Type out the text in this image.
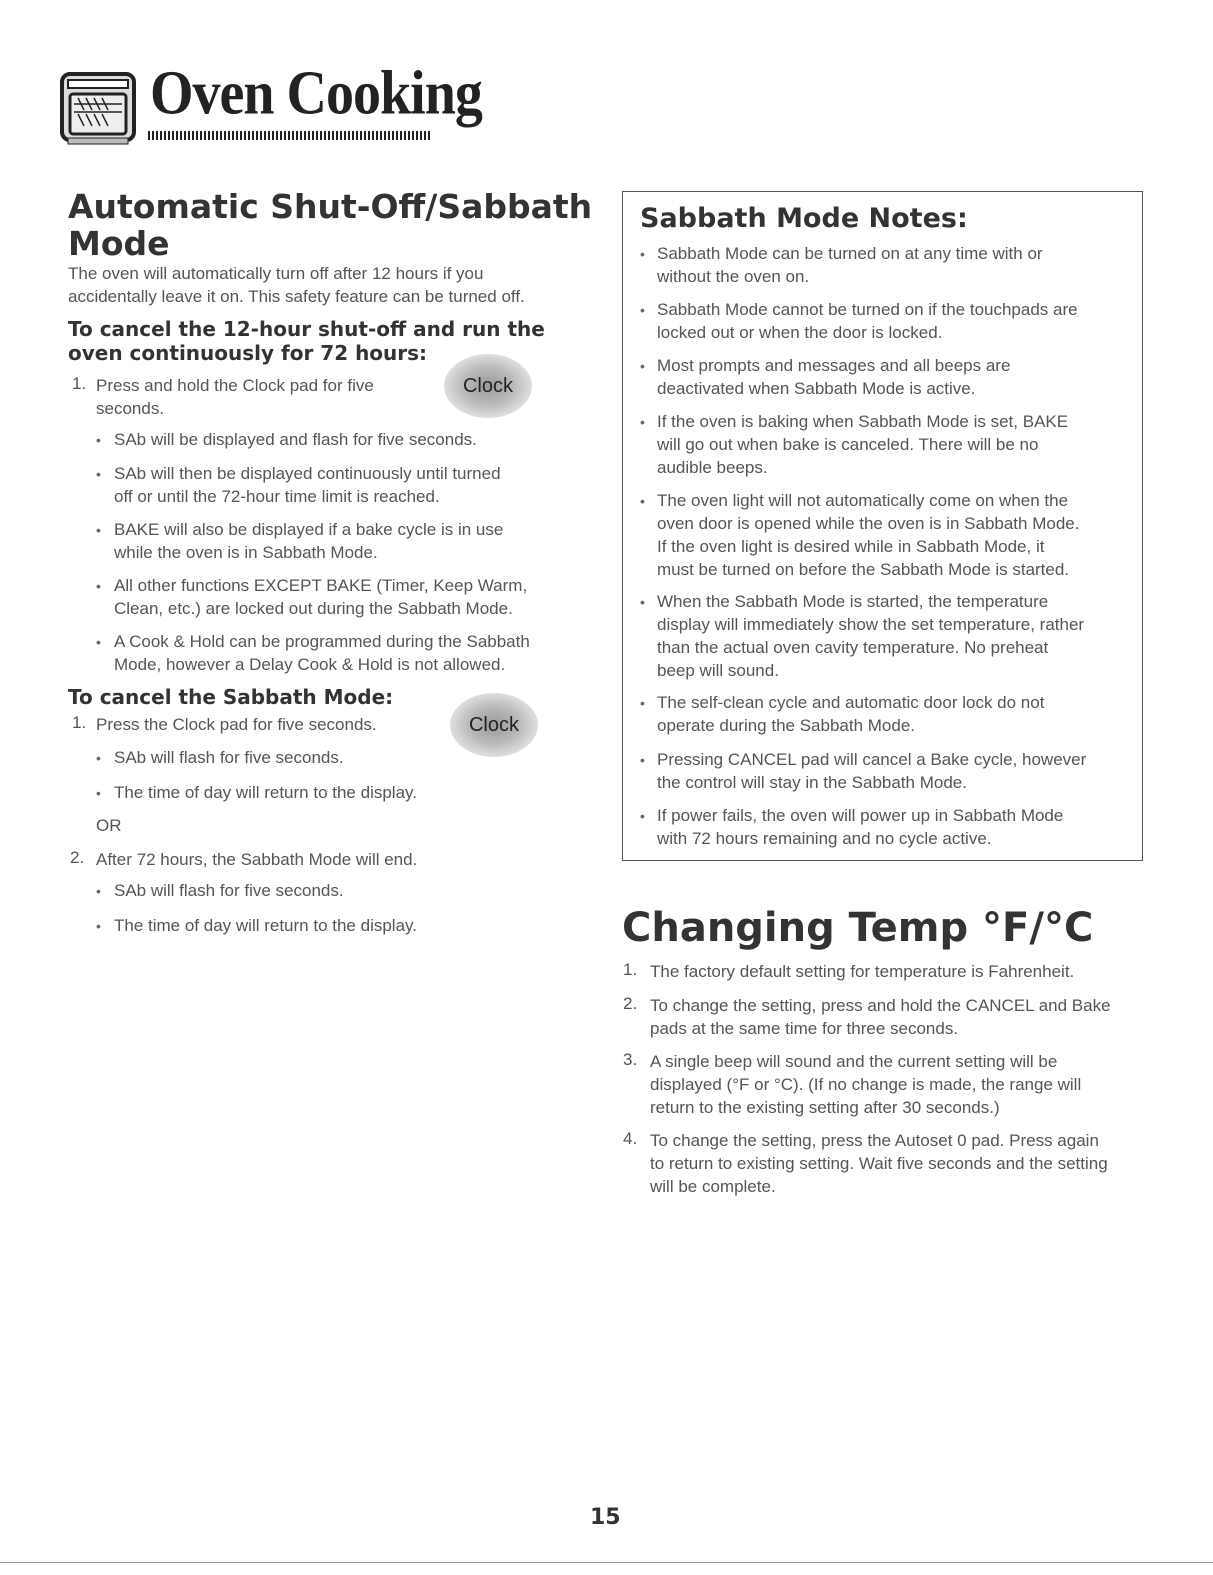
Oven Cooking
Automatic Shut-Off/Sabbath
Mode
The oven will automatically turn off after 12 hours if you
accidentally leave it on. This safety feature can be turned off.
To cancel the 12-hour shut-off and run the
oven continuously for 72 hours:
1. Press and hold the Clock pad for five
seconds.
Clock
• SAb will be displayed and flash for five seconds.
• SAb will then be displayed continuously until turned
off or until the 72-hour time limit is reached.
• BAKE will also be displayed if a bake cycle is in use
while the oven is in Sabbath Mode.
• All other functions EXCEPT BAKE (Timer, Keep Warm,
Clean, etc.) are locked out during the Sabbath Mode.
• A Cook & Hold can be programmed during the Sabbath
Mode, however a Delay Cook & Hold is not allowed.
To cancel the Sabbath Mode:
1. Press the Clock pad for five seconds.	Clock
• SAb will flash for five seconds.
• The time of day will return to the display.
OR
2. After 72 hours, the Sabbath Mode will end.
• SAb will flash for five seconds.
• The time of day will return to the display.
Sabbath Mode Notes:
• Sabbath Mode can be turned on at any time with or
without the oven on.
• Sabbath Mode cannot be turned on if the touchpads are
locked out or when the door is locked.
• Most prompts and messages and all beeps are
deactivated when Sabbath Mode is active.
• If the oven is baking when Sabbath Mode is set, BAKE
will go out when bake is canceled. There will be no
audible beeps.
• The oven light will not automatically come on when the
oven door is opened while the oven is in Sabbath Mode.
If the oven light is desired while in Sabbath Mode, it
must be turned on before the Sabbath Mode is started.
• When the Sabbath Mode is started, the temperature
display will immediately show the set temperature, rather
than the actual oven cavity temperature. No preheat
beep will sound.
• The self-clean cycle and automatic door lock do not
operate during the Sabbath Mode.
• Pressing CANCEL pad will cancel a Bake cycle, however
the control will stay in the Sabbath Mode.
• If power fails, the oven will power up in Sabbath Mode
with 72 hours remaining and no cycle active.
Changing Temp °F/°C
1. The factory default setting for temperature is Fahrenheit.
2. To change the setting, press and hold the CANCEL and Bake
pads at the same time for three seconds.
3. A single beep will sound and the current setting will be
displayed (°F or °C). (If no change is made, the range will
return to the existing setting after 30 seconds.)
4. To change the setting, press the Autoset 0 pad. Press again
to return to existing setting. Wait five seconds and the setting
will be complete.
15
